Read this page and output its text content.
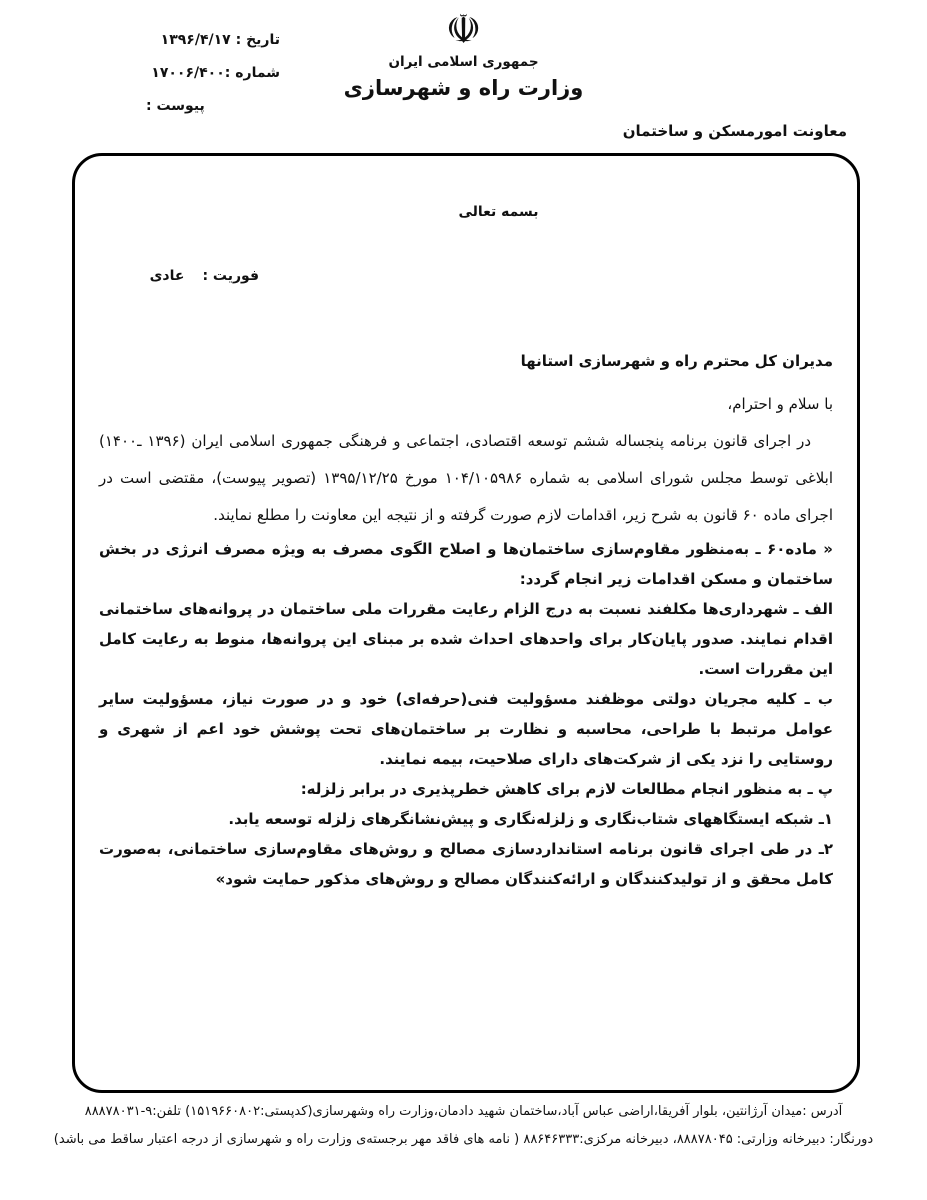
تاریخ : ۱۳۹۶/۴/۱۷
شماره :۱۷۰۰۶/۴۰۰
پیوست :
☫
جمهوری اسلامی ایران
وزارت راه و شهرسازی
معاونت امورمسکن و ساختمان
بسمه تعالی
فوریت :عادی
مدیران کل محترم راه و شهرسازی استانها

با سلام و احترام،

در اجرای قانون برنامه پنجساله ششم توسعه اقتصادی، اجتماعی و فرهنگی جمهوری اسلامی ایران (۱۳۹۶ ـ۱۴۰۰) ابلاغی توسط مجلس شورای اسلامی به شماره ۱۰۴/۱۰۵۹۸۶ مورخ ۱۳۹۵/۱۲/۲۵ (تصویر پیوست)، مقتضی است در اجرای ماده ۶۰ قانون به شرح زیر، اقدامات لازم صورت گرفته و از نتیجه این معاونت را مطلع نمایند.

« ماده۶۰ ـ به‌منظور مقاوم‌سازی ساختمان‌ها و اصلاح الگوی مصرف به ویژه مصرف انرژی در بخش ساختمان و مسکن اقدامات زیر انجام گردد:

الف ـ شهرداری‌ها مکلفند نسبت به درج الزام رعایت مقررات ملی ساختمان در پروانه‌های ساختمانی اقدام نمایند. صدور پایان‌کار برای واحدهای احداث شده بر مبنای این پروانه‌ها، منوط به رعایت کامل این مقررات است.

ب ـ کلیه مجریان دولتی موظفند مسؤولیت فنی(حرفه‌ای) خود و در صورت نیاز، مسؤولیت سایر عوامل مرتبط با طراحی، محاسبه و نظارت بر ساختمان‌های تحت پوشش خود اعم از شهری و روستایی را نزد یکی از شرکت‌های دارای صلاحیت، بیمه نمایند.

پ ـ به منظور انجام مطالعات لازم برای کاهش خطرپذیری در برابر زلزله:

۱ـ شبکه ایستگاههای شتاب‌نگاری و زلزله‌نگاری و پیش‌نشانگرهای زلزله توسعه یابد.

۲ـ در طی اجرای قانون برنامه استانداردسازی مصالح و روش‌های مقاوم‌سازی ساختمانی، به‌صورت کامل محقق و از تولیدکنندگان و ارائه‌کنندگان مصالح و روش‌های مذکور حمایت شود»

آدرس :میدان آرژانتین، بلوار آفریقا،اراضی عباس آباد،ساختمان شهید دادمان،وزارت راه وشهرسازی(کدپستی:۱۵۱۹۶۶۰۸۰۲) تلفن:۹-۸۸۸۷۸۰۳۱
دورنگار: دبیرخانه وزارتی: ۸۸۸۷۸۰۴۵، دبیرخانه مرکزی:۸۸۶۴۶۳۳۳ ( نامه های فاقد مهر برجسته‌ی وزارت راه و شهرسازی از درجه اعتبار ساقط می باشد)
